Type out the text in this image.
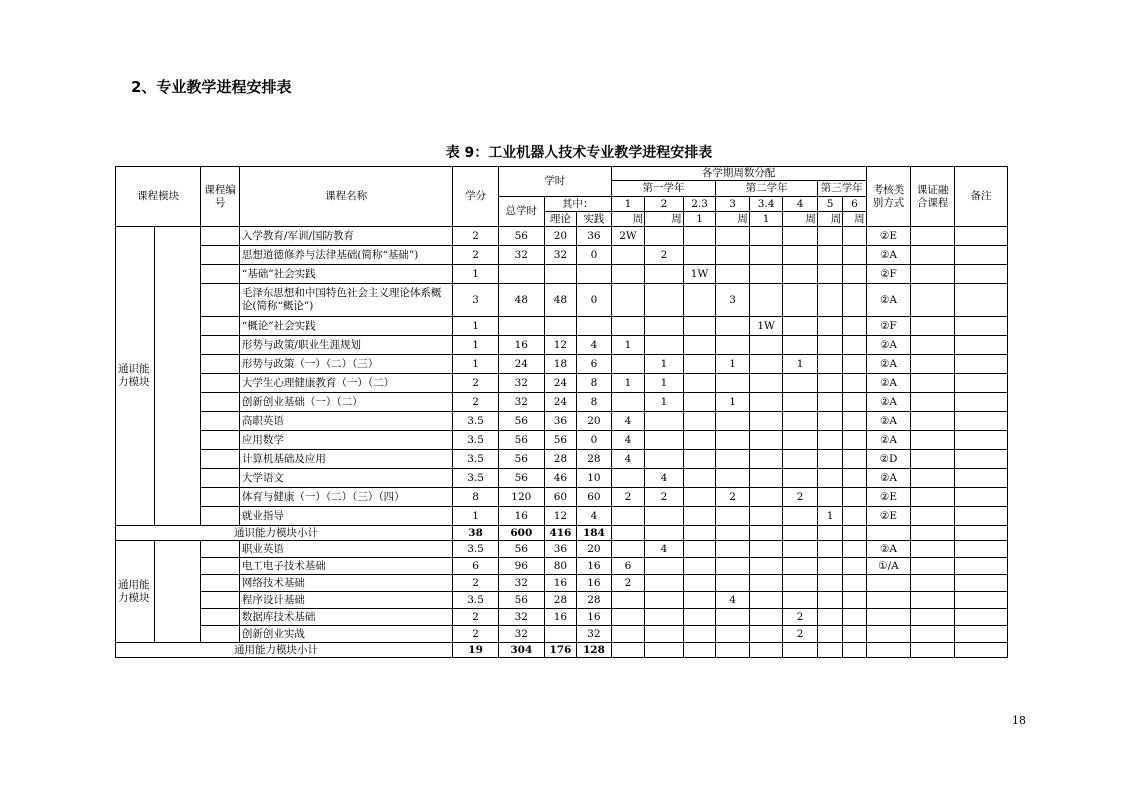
2、专业教学进程安排表
表 9：工业机器人技术专业教学进程安排表
课程模块		课程编号	课程名称	学分	学时			各学期周数分配								考核类别方式	课证融合课程	备注
								第一学年			第二学年			第三学年				
					总学时	其中：		1	2	2.3	3	3.4	4	5	6			
						理论	实践	周	周	1	周	1	周	周	周			
通识能力模块			入学教育/军训/国防教育	2	56	20	36	2W								②E		
			思想道德修养与法律基础(简称“基础”)	2	32	32	0		2							②A		
			“基础”社会实践	1						1W						②F		
			毛泽东思想和中国特色社会主义理论体系概论(简称“概论”)	3	48	48	0				3					②A		
			“概论”社会实践	1								1W				②F		
			形势与政策/职业生涯规划	1	16	12	4	1								②A		
			形势与政策（一）（二）（三）	1	24	18	6		1		1		1			②A		
			大学生心理健康教育（一）（二）	2	32	24	8	1	1							②A		
			创新创业基础（一）（二）	2	32	24	8		1		1					②A		
			高职英语	3.5	56	36	20	4								②A		
			应用数学	3.5	56	56	0	4								②A		
			计算机基础及应用	3.5	56	28	28	4								②D		
			大学语文	3.5	56	46	10		4							②A		
			体育与健康（一）（二）（三）（四）	8	120	60	60	2	2		2		2			②E		
			就业指导	1	16	12	4							1		②E		
通识能力模块小计				38	600	416	184											
通用能力模块			职业英语	3.5	56	36	20		4							②A		
			电工电子技术基础	6	96	80	16	6								①/A		
			网络技术基础	2	32	16	16	2										
			程序设计基础	3.5	56	28	28				4							
			数据库技术基础	2	32	16	16						2					
			创新创业实战	2	32		32						2					
通用能力模块小计				19	304	176	128											
18
